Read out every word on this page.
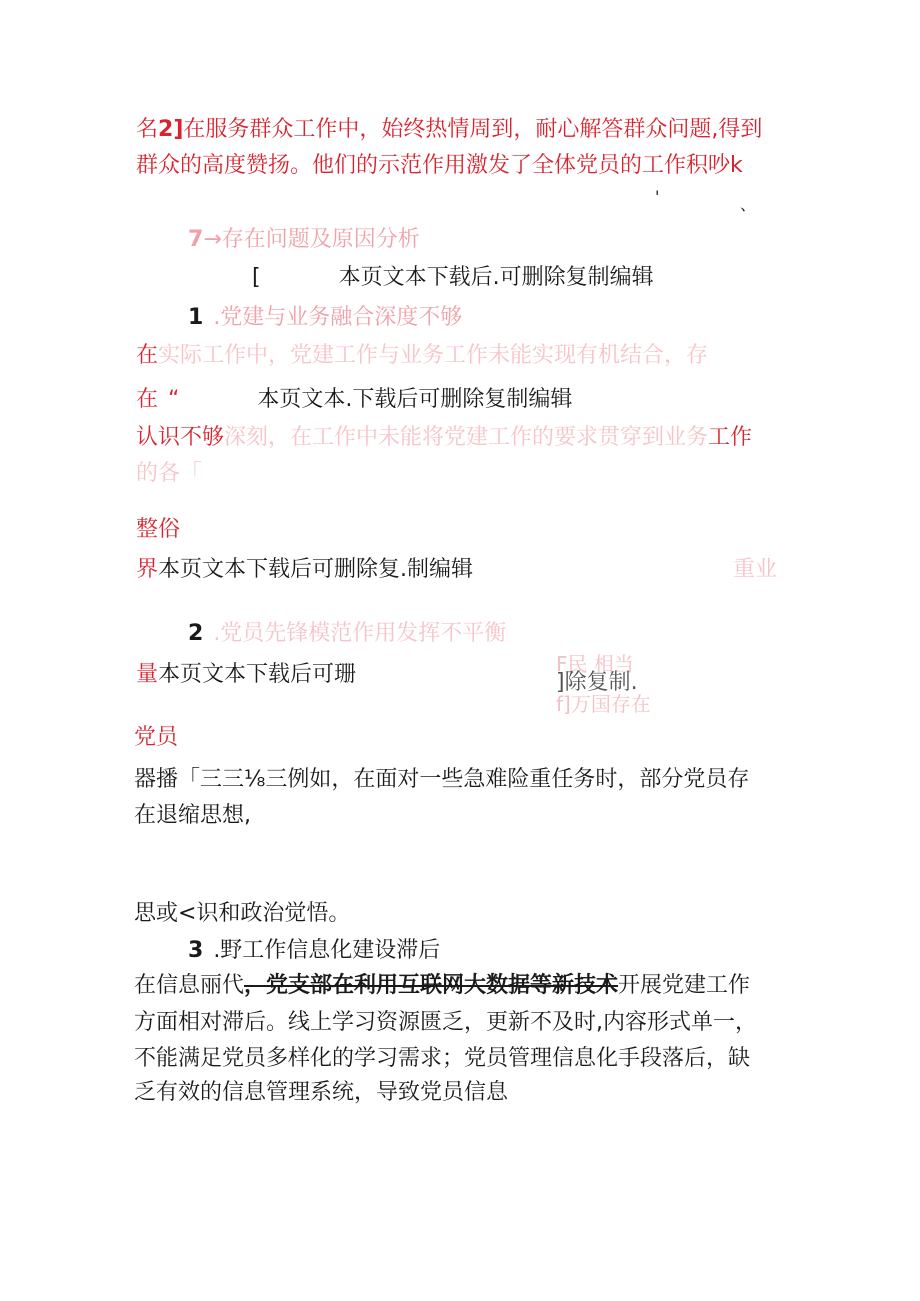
名2]在服务群众工作中，始终热情周到，耐心解答群众问题,得到
群众的高度赞扬。他们的示范作用激发了全体党员的工作积吵k
'	、
7→存在问题及原因分析
[	本页文本下载后.可删除复制编辑
1 .党建与业务融合深度不够
在实际工作中，党建工作与业务工作未能实现有机结合，存
在 “	本页文本.下载后可删除复制编辑
认识不够深刻，在工作中未能将党建工作的要求贯穿到业务工作
的各「
整俗
界本页文本下载后可删除复.制编辑	重业
2 .党员先锋模范作用发挥不平衡
量本页文本下载后可珊	F民 相当
]除复制.
f]万国存在
党员
器播「三三⅛三例如，在面对一些急难险重任务时，部分党员存
在退缩思想,
思或<识和政治觉悟。
3 .野工作信息化建设滞后
在信息丽代，党支部在利用互联网大数据等新技术开展党建工作
方面相对滞后。线上学习资源匮乏，更新不及时,内容形式单一，
不能满足党员多样化的学习需求；党员管理信息化手段落后，缺
乏有效的信息管理系统，导致党员信息
